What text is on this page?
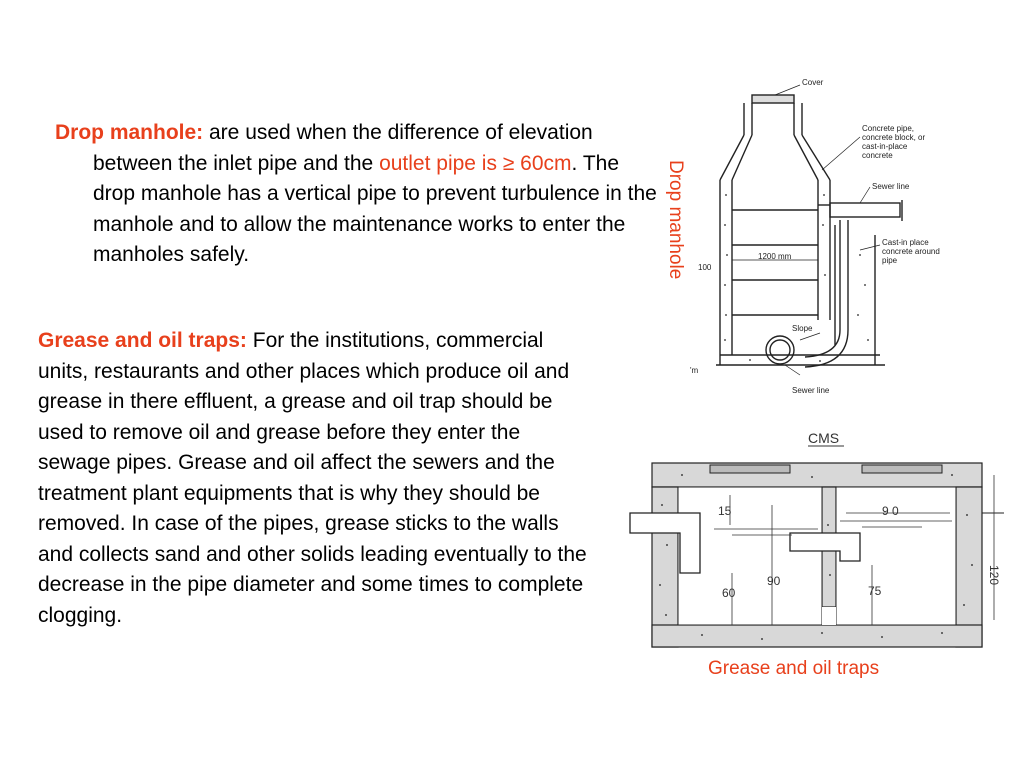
Drop manhole: are used when the difference of elevation between the inlet pipe and the outlet pipe is ≥ 60cm. The drop manhole has a vertical pipe to prevent turbulence in the manhole and to allow the maintenance works to enter the manholes safely.

Grease and oil traps: For the institutions, commercial units, restaurants and other places which produce oil and grease in there effluent, a grease and oil trap should be used to remove oil and grease before they enter the sewage pipes. Grease and oil affect the sewers and the treatment plant equipments that is why they should be removed. In case of the pipes, grease sticks to the walls and collects sand and other solids leading eventually to the decrease in the pipe diameter and some times to complete clogging.

Drop manhole
Cover
Concrete pipe,
concrete block, or
cast-in-place
concrete
Sewer line
Cast-in place
concrete around
pipe
1200 mm
100
Slope
Sewer line
'm
CMS
15
90
60
9 0
75
120
Grease and oil traps
